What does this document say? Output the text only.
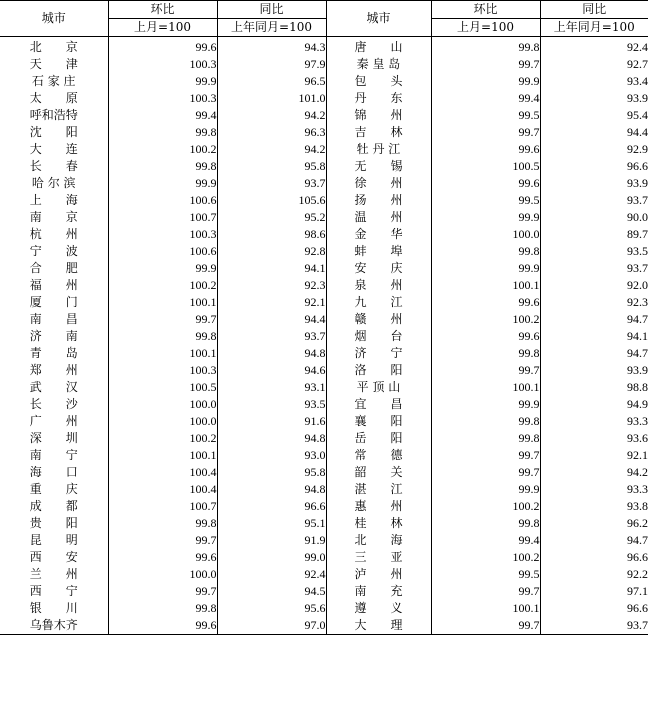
城市	环比	同比	城市	环比	同比
	上月=100	上年同月=100		上月=100	上年同月=100
北　　京	99.6	94.3	唐　　山	99.8	92.4
天　　津	100.3	97.9	秦 皇 岛	99.7	92.7
石 家 庄	99.9	96.5	包　　头	99.9	93.4
太　　原	100.3	101.0	丹　　东	99.4	93.9
呼和浩特	99.4	94.2	锦　　州	99.5	95.4
沈　　阳	99.8	96.3	吉　　林	99.7	94.4
大　　连	100.2	94.2	牡 丹 江	99.6	92.9
长　　春	99.8	95.8	无　　锡	100.5	96.6
哈 尔 滨	99.9	93.7	徐　　州	99.6	93.9
上　　海	100.6	105.6	扬　　州	99.5	93.7
南　　京	100.7	95.2	温　　州	99.9	90.0
杭　　州	100.3	98.6	金　　华	100.0	89.7
宁　　波	100.6	92.8	蚌　　埠	99.8	93.5
合　　肥	99.9	94.1	安　　庆	99.9	93.7
福　　州	100.2	92.3	泉　　州	100.1	92.0
厦　　门	100.1	92.1	九　　江	99.6	92.3
南　　昌	99.7	94.4	赣　　州	100.2	94.7
济　　南	99.8	93.7	烟　　台	99.6	94.1
青　　岛	100.1	94.8	济　　宁	99.8	94.7
郑　　州	100.3	94.6	洛　　阳	99.7	93.9
武　　汉	100.5	93.1	平 顶 山	100.1	98.8
长　　沙	100.0	93.5	宜　　昌	99.9	94.9
广　　州	100.0	91.6	襄　　阳	99.8	93.3
深　　圳	100.2	94.8	岳　　阳	99.8	93.6
南　　宁	100.1	93.0	常　　德	99.7	92.1
海　　口	100.4	95.8	韶　　关	99.7	94.2
重　　庆	100.4	94.8	湛　　江	99.9	93.3
成　　都	100.7	96.6	惠　　州	100.2	93.8
贵　　阳	99.8	95.1	桂　　林	99.8	96.2
昆　　明	99.7	91.9	北　　海	99.4	94.7
西　　安	99.6	99.0	三　　亚	100.2	96.6
兰　　州	100.0	92.4	泸　　州	99.5	92.2
西　　宁	99.7	94.5	南　　充	99.7	97.1
银　　川	99.8	95.6	遵　　义	100.1	96.6
乌鲁木齐	99.6	97.0	大　　理	99.7	93.7
